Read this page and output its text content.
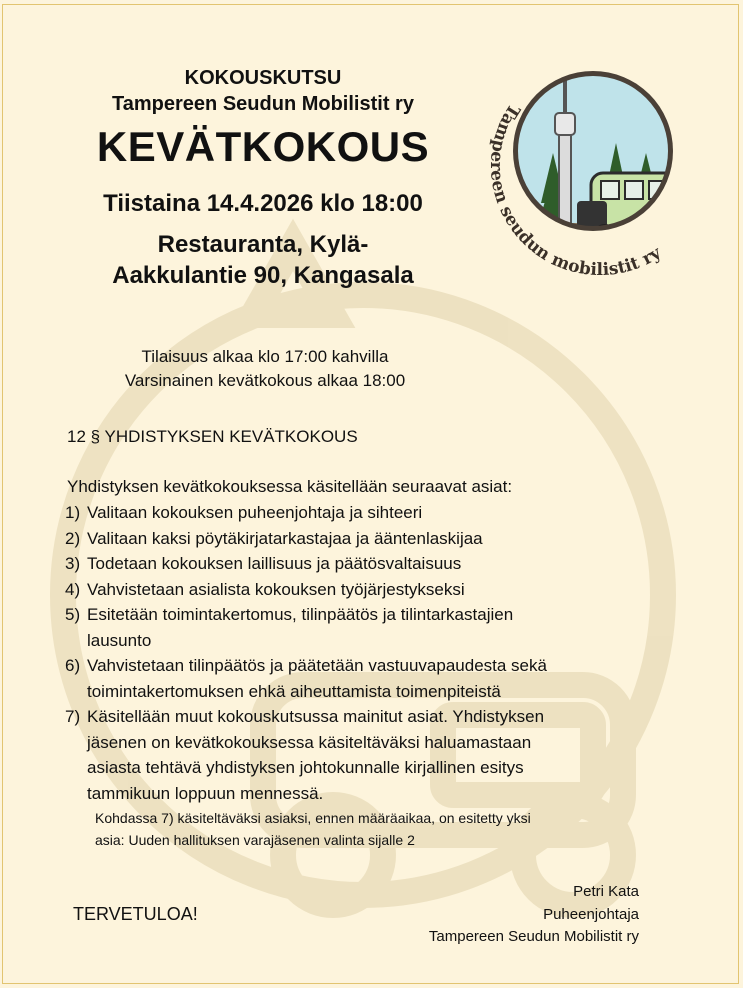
Tampereen seudun mobilistit ry
KOKOUSKUTSU
Tampereen Seudun Mobilistit ry
KEVÄTKOKOUS
Tiistaina 14.4.2026 klo 18:00
Restauranta, Kylä-
Aakkulantie 90, Kangasala
Tilaisuus alkaa klo 17:00 kahvilla
Varsinainen kevätkokous alkaa 18:00
12 § YHDISTYKSEN KEVÄTKOKOUS
Yhdistyksen kevätkokouksessa käsitellään seuraavat asiat:
1) Valitaan kokouksen puheenjohtaja ja sihteeri
2) Valitaan kaksi pöytäkirjatarkastajaa ja ääntenlaskijaa
3) Todetaan kokouksen laillisuus ja päätösvaltaisuus
4) Vahvistetaan asialista kokouksen työjärjestykseksi
5) Esitetään toimintakertomus, tilinpäätös ja tilintarkastajien
lausunto
6) Vahvistetaan tilinpäätös ja päätetään vastuuvapaudesta sekä
toimintakertomuksen ehkä aiheuttamista toimenpiteistä
7) Käsitellään muut kokouskutsussa mainitut asiat. Yhdistyksen
jäsenen on kevätkokouksessa käsiteltäväksi haluamastaan
asiasta tehtävä yhdistyksen johtokunnalle kirjallinen esitys
tammikuun loppuun mennessä.
Kohdassa 7) käsiteltäväksi asiaksi, ennen määräaikaa, on esitetty yksi
asia: Uuden hallituksen varajäsenen valinta sijalle 2
TERVETULOA!
Petri Kata
Puheenjohtaja
Tampereen Seudun Mobilistit ry
